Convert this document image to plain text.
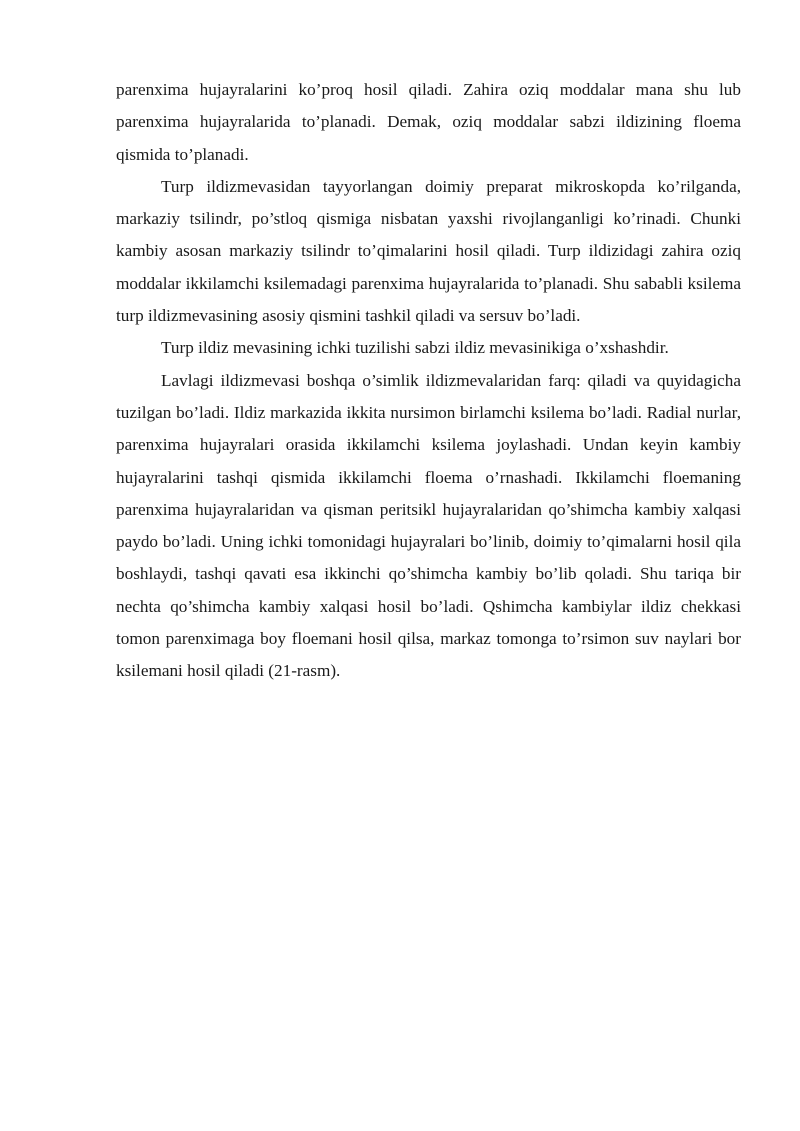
parenxima hujayralarini ko’proq hosil qiladi. Zahira oziq moddalar mana shu lub parenxima hujayralarida to’planadi. Demak, oziq moddalar sabzi ildizining floema qismida to’planadi.

Turp ildizmevasidan tayyorlangan doimiy preparat mikroskopda ko’rilganda, markaziy tsilindr, po’stloq qismiga nisbatan yaxshi rivojlanganligi ko’rinadi. Chunki kambiy asosan markaziy tsilindr to’qimalarini hosil qiladi. Turp ildizidagi zahira oziq moddalar ikkilamchi ksilemadagi parenxima hujayralarida to’planadi. Shu sababli ksilema turp ildizmevasining asosiy qismini tashkil qiladi va sersuv bo’ladi.

Turp ildiz mevasining ichki tuzilishi sabzi ildiz mevasinikiga o’xshashdir.

Lavlagi ildizmevasi boshqa o’simlik ildizmevalaridan farq: qiladi va quyidagicha tuzilgan bo’ladi. Ildiz markazida ikkita nursimon birlamchi ksilema bo’ladi. Radial nurlar, parenxima hujayralari orasida ikkilamchi ksilema joylashadi. Undan keyin kambiy hujayralarini tashqi qismida ikkilamchi floema o’rnashadi. Ikkilamchi floemaning parenxima hujayralaridan va qisman peritsikl hujayralaridan qo’shimcha kambiy xalqasi paydo bo’ladi. Uning ichki tomonidagi hujayralari bo’linib, doimiy to’qimalarni hosil qila boshlaydi, tashqi qavati esa ikkinchi qo’shimcha kambiy bo’lib qoladi. Shu tariqa bir nechta qo’shimcha kambiy xalqasi hosil bo’ladi. Qshimcha kambiylar ildiz chekkasi tomon parenximaga boy floemani hosil qilsa, markaz tomonga to’rsimon suv naylari bor ksilemani hosil qiladi (21-rasm).
